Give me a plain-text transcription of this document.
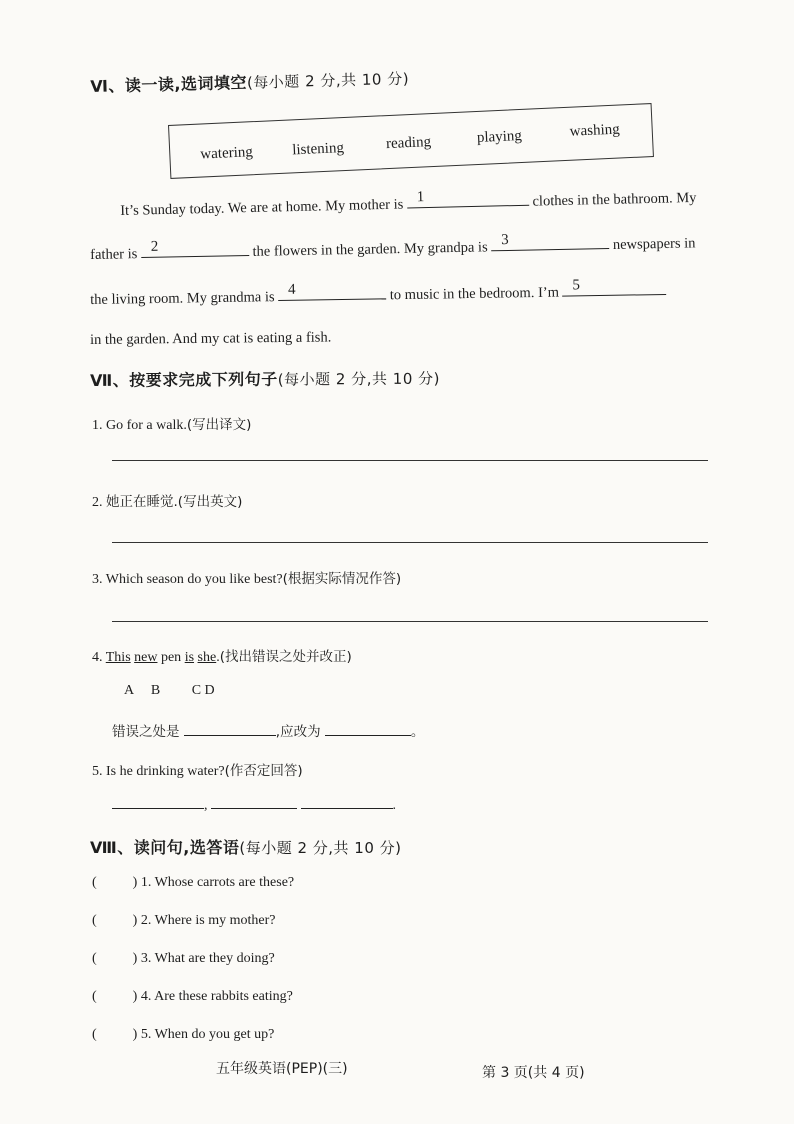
Ⅵ、读一读,选词填空(每小题 2 分,共 10 分)
watering	listening	reading	playing	washing
It’s Sunday today. We are at home. My mother is 1	clothes in the bathroom. My
father is 2	the flowers in the garden. My grandpa is 3	newspapers in
the living room. My grandma is 4	to music in the bedroom. I’m 5
in the garden. And my cat is eating a fish.
Ⅶ、按要求完成下列句子(每小题 2 分,共 10 分)
1. Go for a walk.(写出译文)
2. 她正在睡觉.(写出英文)
3. Which season do you like best?(根据实际情况作答)
4. This new pen is she.(找出错误之处并改正)
A B C D
错误之处是	,应改为	。
5. Is he drinking water?(作否定回答)
,	.
Ⅷ、读问句,选答语(每小题 2 分,共 10 分)
(	) 1. Whose carrots are these?
(	) 2. Where is my mother?
(	) 3. What are they doing?
(	) 4. Are these rabbits eating?
(	) 5. When do you get up?
五年级英语(PEP)(三)	第 3 页(共 4 页)
